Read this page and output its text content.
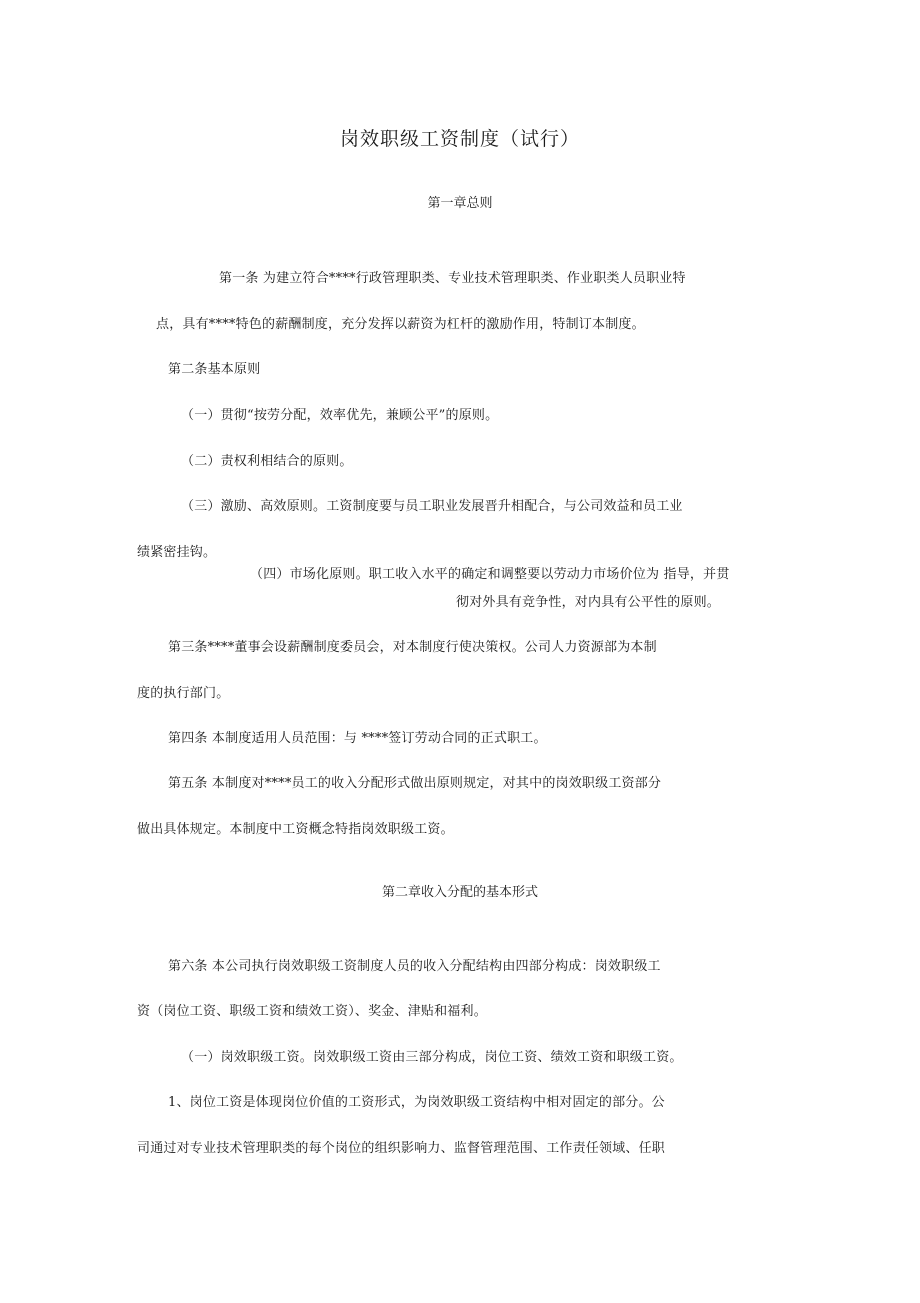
岗效职级工资制度（试行）
第一章总则
第一条 为建立符合****行政管理职类、专业技术管理职类、作业职类人员职业特
点，具有****特色的薪酬制度，充分发挥以薪资为杠杆的激励作用，特制订本制度。
第二条基本原则
（一）贯彻“按劳分配，效率优先，兼顾公平”的原则。
（二）责权利相结合的原则。
（三）激励、高效原则。工资制度要与员工职业发展晋升相配合，与公司效益和员工业
绩紧密挂钩。
（四）市场化原则。职工收入水平的确定和调整要以劳动力市场价位为 指导，并贯
彻对外具有竞争性，对内具有公平性的原则。
第三条****董事会设薪酬制度委员会，对本制度行使决策权。公司人力资源部为本制
度的执行部门。
第四条 本制度适用人员范围：与 ****签订劳动合同的正式职工。
第五条 本制度对****员工的收入分配形式做出原则规定，对其中的岗效职级工资部分
做出具体规定。本制度中工资概念特指岗效职级工资。
第二章收入分配的基本形式
第六条 本公司执行岗效职级工资制度人员的收入分配结构由四部分构成：岗效职级工
资（岗位工资、职级工资和绩效工资）、奖金、津贴和福利。
（一）岗效职级工资。岗效职级工资由三部分构成，岗位工资、绩效工资和职级工资。
1、岗位工资是体现岗位价值的工资形式，为岗效职级工资结构中相对固定的部分。公
司通过对专业技术管理职类的每个岗位的组织影响力、监督管理范围、工作责任领域、任职
